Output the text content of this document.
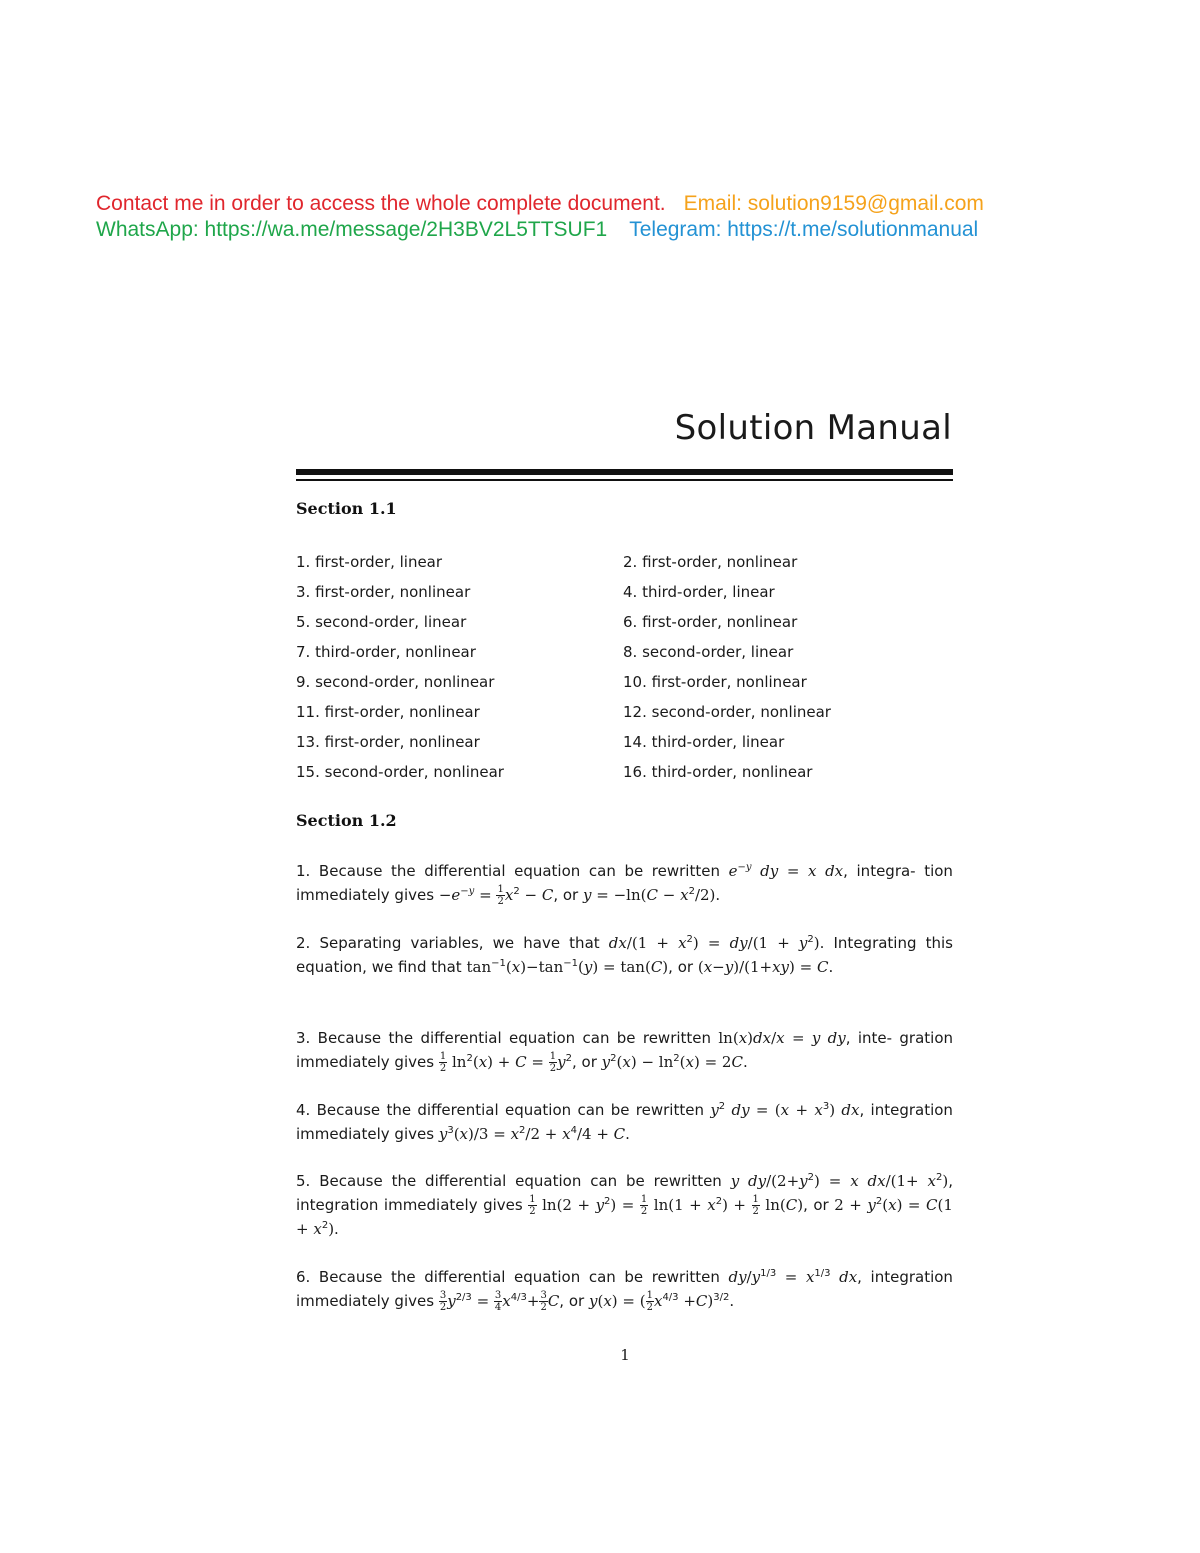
Contact me in order to access the whole complete document. Email: solution9159@gmail.com
WhatsApp: https://wa.me/message/2H3BV2L5TTSUF1 Telegram: https://t.me/solutionmanual
Solution Manual
Section 1.1
1. first-order, linear	2. first-order, nonlinear
3. first-order, nonlinear	4. third-order, linear
5. second-order, linear	6. first-order, nonlinear
7. third-order, nonlinear	8. second-order, linear
9. second-order, nonlinear	10. first-order, nonlinear
11. first-order, nonlinear	12. second-order, nonlinear
13. first-order, nonlinear	14. third-order, linear
15. second-order, nonlinear	16. third-order, nonlinear
Section 1.2
1. Because the differential equation can be rewritten $e^{-y}$ dy = x dx, integra- tion immediately gives $-e^{-y} = \frac{1}{2} x^2 - C$, or $y = -\ln(C - x^2/2)$.
2. Separating variables, we have that $dx/(1 + x^2) = dy/(1 + y^2)$. Integrating this equation, we find that $\tan^{-1}(x)-\tan^{-1}(y) = \tan(C)$, or (x−y)/(1+xy) = C.
3. Because the differential equation can be rewritten ln(x)dx/x = y dy, inte- gration immediately gives $\frac{1}{2} \ln^2(x) + C = \frac{1}{2} y^2$, or $y^2(x) - \ln^2(x) = 2C$.
4. Because the differential equation can be rewritten $y^2$ dy = $(x + x^3)$ dx, integration immediately gives $y^3(x)/3 = x^2/2 + x^4/4 + C$.
5. Because the differential equation can be rewritten y $dy/(2+y^2) = x$ $dx/(1+ x^2)$, integration immediately gives $\frac{1}{2} \ln(2 + y^2) = \frac{1}{2} \ln(1 + x^2) + \frac{1}{2} \ln(C)$, or $2 + y^2(x) = C(1 + x^2)$.
6. Because the differential equation can be rewritten $dy/y^{1/3} = x^{1/3}$ dx, integration immediately gives $\frac{3}{2} y^{2/3} = \frac{3}{4} x^{4/3}+ \frac{3}{2} C$, or y(x) = ( $\frac{1}{2} x^{4/3} +C)^{3/2}$.
1
